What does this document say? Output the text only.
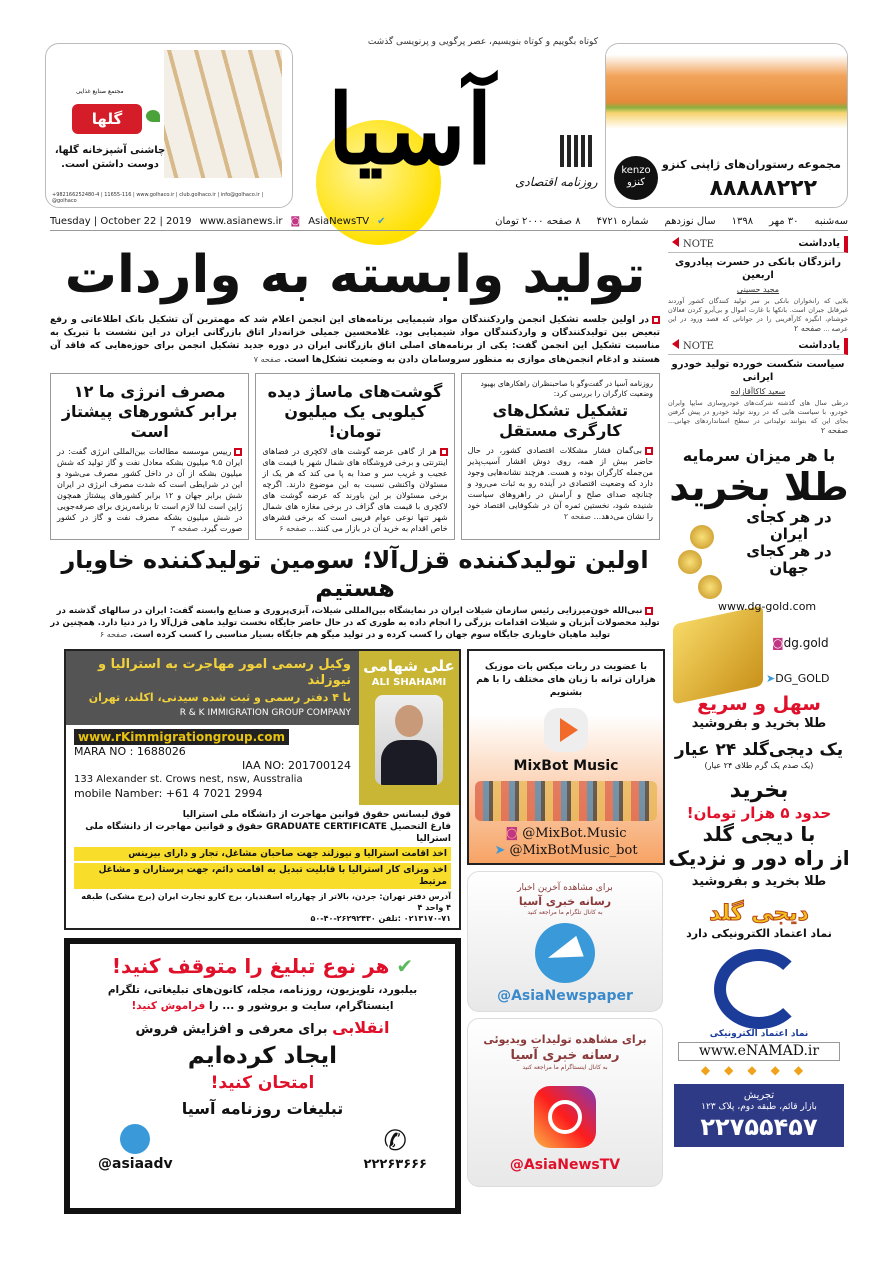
کوتاه بگوییم و کوتاه بنویسیم، عصر پرگویی و پرنویسی گذشت
مجتمع صنایع غذایی
گلها
چاشنی آشپزخانه گلها، دوست داشتن است.
+982166252480-4 | 11655-116 | www.golhaco.ir | club.golhaco.ir | info@golhaco.ir | @golhaco
آسیا	روزنامه اقتصادی
kenzo
کنزو
مجموعه رستوران‌های ژاپنی کنزو
۸۸۸۸۸۲۲۲
Tuesday | October 22 | 2019 www.asianews.ir ◙ AsiaNewsTV ✔	سه‌شنبه
۳۰ مهر
۱۳۹۸
سال نوزدهم
شماره ۴۷۲۱
۸ صفحه ۲۰۰۰ تومان
تولید وابسته به واردات
در اولین جلسه تشکیل انجمن واردکنندگان مواد شیمیایی برنامه‌های این انجمن اعلام شد که مهمترین آن تشکیل بانک اطلاعاتی و رفع تبعیض بین تولیدکنندگان و واردکنندگان مواد شیمیایی بود. غلامحسین جمیلی خزانه‌دار اتاق بازرگانی ایران در این نشست با تبریک به مناسبت تشکیل این انجمن گفت: یکی از برنامه‌های اصلی اتاق بازرگانی ایران در دوره جدید تشکیل انجمن برای حوزه‌هایی که فاقد آن هستند و ادغام انجمن‌های موازی به منظور سروسامان دادن به وضعیت تشکل‌ها است. صفحه ۷
روزنامه آسیا در گفت‌وگو با صاحبنظران راهکارهای بهبود وضعیت کارگران را بررسی کرد:
تشکیل تشکل‌های کارگری مستقل

بی‌گمان فشار مشکلات اقتصادی کشور، در حال حاضر بیش از همه، روی دوش اقشار آسیب‌پذیر من‌جمله کارگران بوده و هست. هرچند نشانه‌هایی وجود دارد که وضعیت اقتصادی در آینده رو به ثبات می‌رود و چنانچه صدای صلح و آرامش در راهروهای سیاست شنیده شود، نخستین ثمره آن در شکوفایی اقتصاد خود را نشان می‌دهد... صفحه ۲

گوشت‌های ماساژ دیده کیلویی یک میلیون تومان!

هر از گاهی عرضه گوشت های لاکچری در فضاهای اینترنتی و برخی فروشگاه های شمال شهر با قیمت های عجیب و غریب سر و صدا به پا می کند که هر یک از مسئولان واکنشی نسبت به این موضوع دارند. اگرچه برخی مسئولان بر این باورند که عرضه گوشت های لاکچری با قیمت های گزاف در برخی مغازه های شمال شهر تنها نوعی عوام فریبی است که برخی قشرهای خاص اقدام به خرید آن در بازار می کنند... صفحه ۶

مصرف انرژی ما ۱۲ برابر کشورهای پیشتاز است

رییس موسسه مطالعات بین‌المللی انرژی گفت: در ایران ۹.۵ میلیون بشکه معادل نفت و گاز تولید که شش میلیون بشکه از آن در داخل کشور مصرف می‌شود و این در شرایطی است که شدت مصرف انرژی در ایران شش برابر جهان و ۱۲ برابر کشورهای پیشتاز همچون ژاپن است لذا لازم است تا برنامه‌ریزی برای صرفه‌جویی در شش میلیون بشکه مصرف نفت و گاز در کشور صورت گیرد. صفحه ۳

اولین تولیدکننده قزل‌آلا؛ سومین تولیدکننده خاویار هستیم
نبی‌الله خون‌میرزایی رئیس سازمان شیلات ایران در نمایشگاه بین‌المللی شیلات، آبزی‌پروری و صنایع وابسته گفت: ایران در سالهای گذشته در تولید محصولات آبزیان و شیلات اقدامات بزرگی را انجام داده به طوری که در حال حاضر جایگاه نخست تولید ماهی قزل‌آلا را در دنیا دارد. همچنین در تولید ماهیان خاویاری جایگاه سوم جهان را کسب کرده و در تولید میگو هم جایگاه بسیار مناسبی را کسب کرده است. صفحه ۶
وکیل رسمی امور مهاجرت به استرالیا و نیوزلند
با ۴ دفتر رسمی و ثبت شده سیدنی، اکلند، تهران
R & K IMMIGRATION GROUP COMPANY
www.rKimmigrationgroup.com
MARA NO : 1688026
IAA NO: 201700124
133 Alexander st. Crows nest, nsw, Ausstralia
mobile Namber: +61 4 7021 2994
علی شهامی
ALI SHAHAMI
فوق لیسانس حقوق قوانین مهاجرت از دانشگاه ملی استرالیا
فارغ التحصیل GRADUATE CERTIFICATE حقوق و قوانین مهاجرت از دانشگاه ملی استرالیا
اخذ اقامت استرالیا و نیوزلند جهت صاحبان مشاغل، تجار و دارای بیزینس
اخذ ویزای کار استرالیا با قابلیت تبدیل به اقامت دائم، جهت پرستاران و مشاغل مرتبط
آدرس دفتر تهران: جردن، بالاتر از چهارراه اسفندیار، برج کارو تجارت ایران (برج مشکی) طبقه ۴ واحد ۴
۰۲۱۳۱۷۰-۷۱ :تلفن ۲۶۲۹۲۴۳۰-۴۰-۵۰
✔ هر نوع تبلیغ را متوقف کنید!
بیلبورد، تلویزیون، روزنامه، مجله، کانون‌های تبلیغاتی، تلگرام
اینستاگرام، سایت و بروشور و ... را فراموش کنید!
انقلابی برای معرفی و افزایش فروش
ایجاد کرده‌ایم
امتحان کنید!
تبلیغات روزنامه آسیا
✆
۲۲۲۶۳۶۶۶
@asiaadv
با عضویت در ربات میکس بات موزیک
هزاران ترانه با زبان های مختلف را با هم بشنویم
MixBot Music
◙ @MixBot.Music
➤ @MixBotMusic_bot
برای مشاهده آخرین اخبار
رسانه خبری آسیا
به کانال تلگرام ما مراجعه کنید
@AsiaNewspaper
برای مشاهده تولیدات ویدیوئی
رسانه خبری آسیا
به کانال اینستاگرام ما مراجعه کنید
@AsiaNewsTV
یادداشت
NOTE
رانزدگان بانکی در حسرت پیادروی اربعین
مجید حسینی

بلایی که رانخواران بانکی بر سر تولید کنندگان کشور آوردند غیرقابل جبران است. بانکها با غارت اموال و بی‌آبرو کردن فعالان خوشنام، انگیزه کارآفرینی را در جوانانی که قصد ورود در این عرصه ... صفحه ۲

یادداشت
NOTE
سیاست شکست خورده تولید خودرو ایرانی
سعید کاکاآقازاده

درطی سال های گذشته شرکت‌های خودروسازی سایپا وایران خودرو، با سیاست هایی که در روند تولید خودرو در پیش گرفتن بجای این که بتوانند تولیداتی در سطح استانداردهای جهانی... صفحه ۲

با هر میزان سرمایه
طلا بخرید
در هر کجای
ایران
در هر کجای
جهان
www.dg-gold.com
◙dg.gold
➤DG_GOLD
سهل و سریع
طلا بخرید و بفروشید
یک دیجی‌گلد ۲۴ عیار
(یک صدم یک گرم طلای ۲۴ عیار)
بخرید
حدود ۵ هزار تومان!
با دیجی گلد
از راه دور و نزدیک
طلا بخرید و بفروشید
دیجی گلد
نماد اعتماد الکترونیکی دارد
نماد اعتماد الکترونیکی
www.eNAMAD.ir
◆◆◆◆◆
تجریش
بازار قائم، طبقه دوم، پلاک ۱۲۳
۲۲۷۵۵۴۵۷
